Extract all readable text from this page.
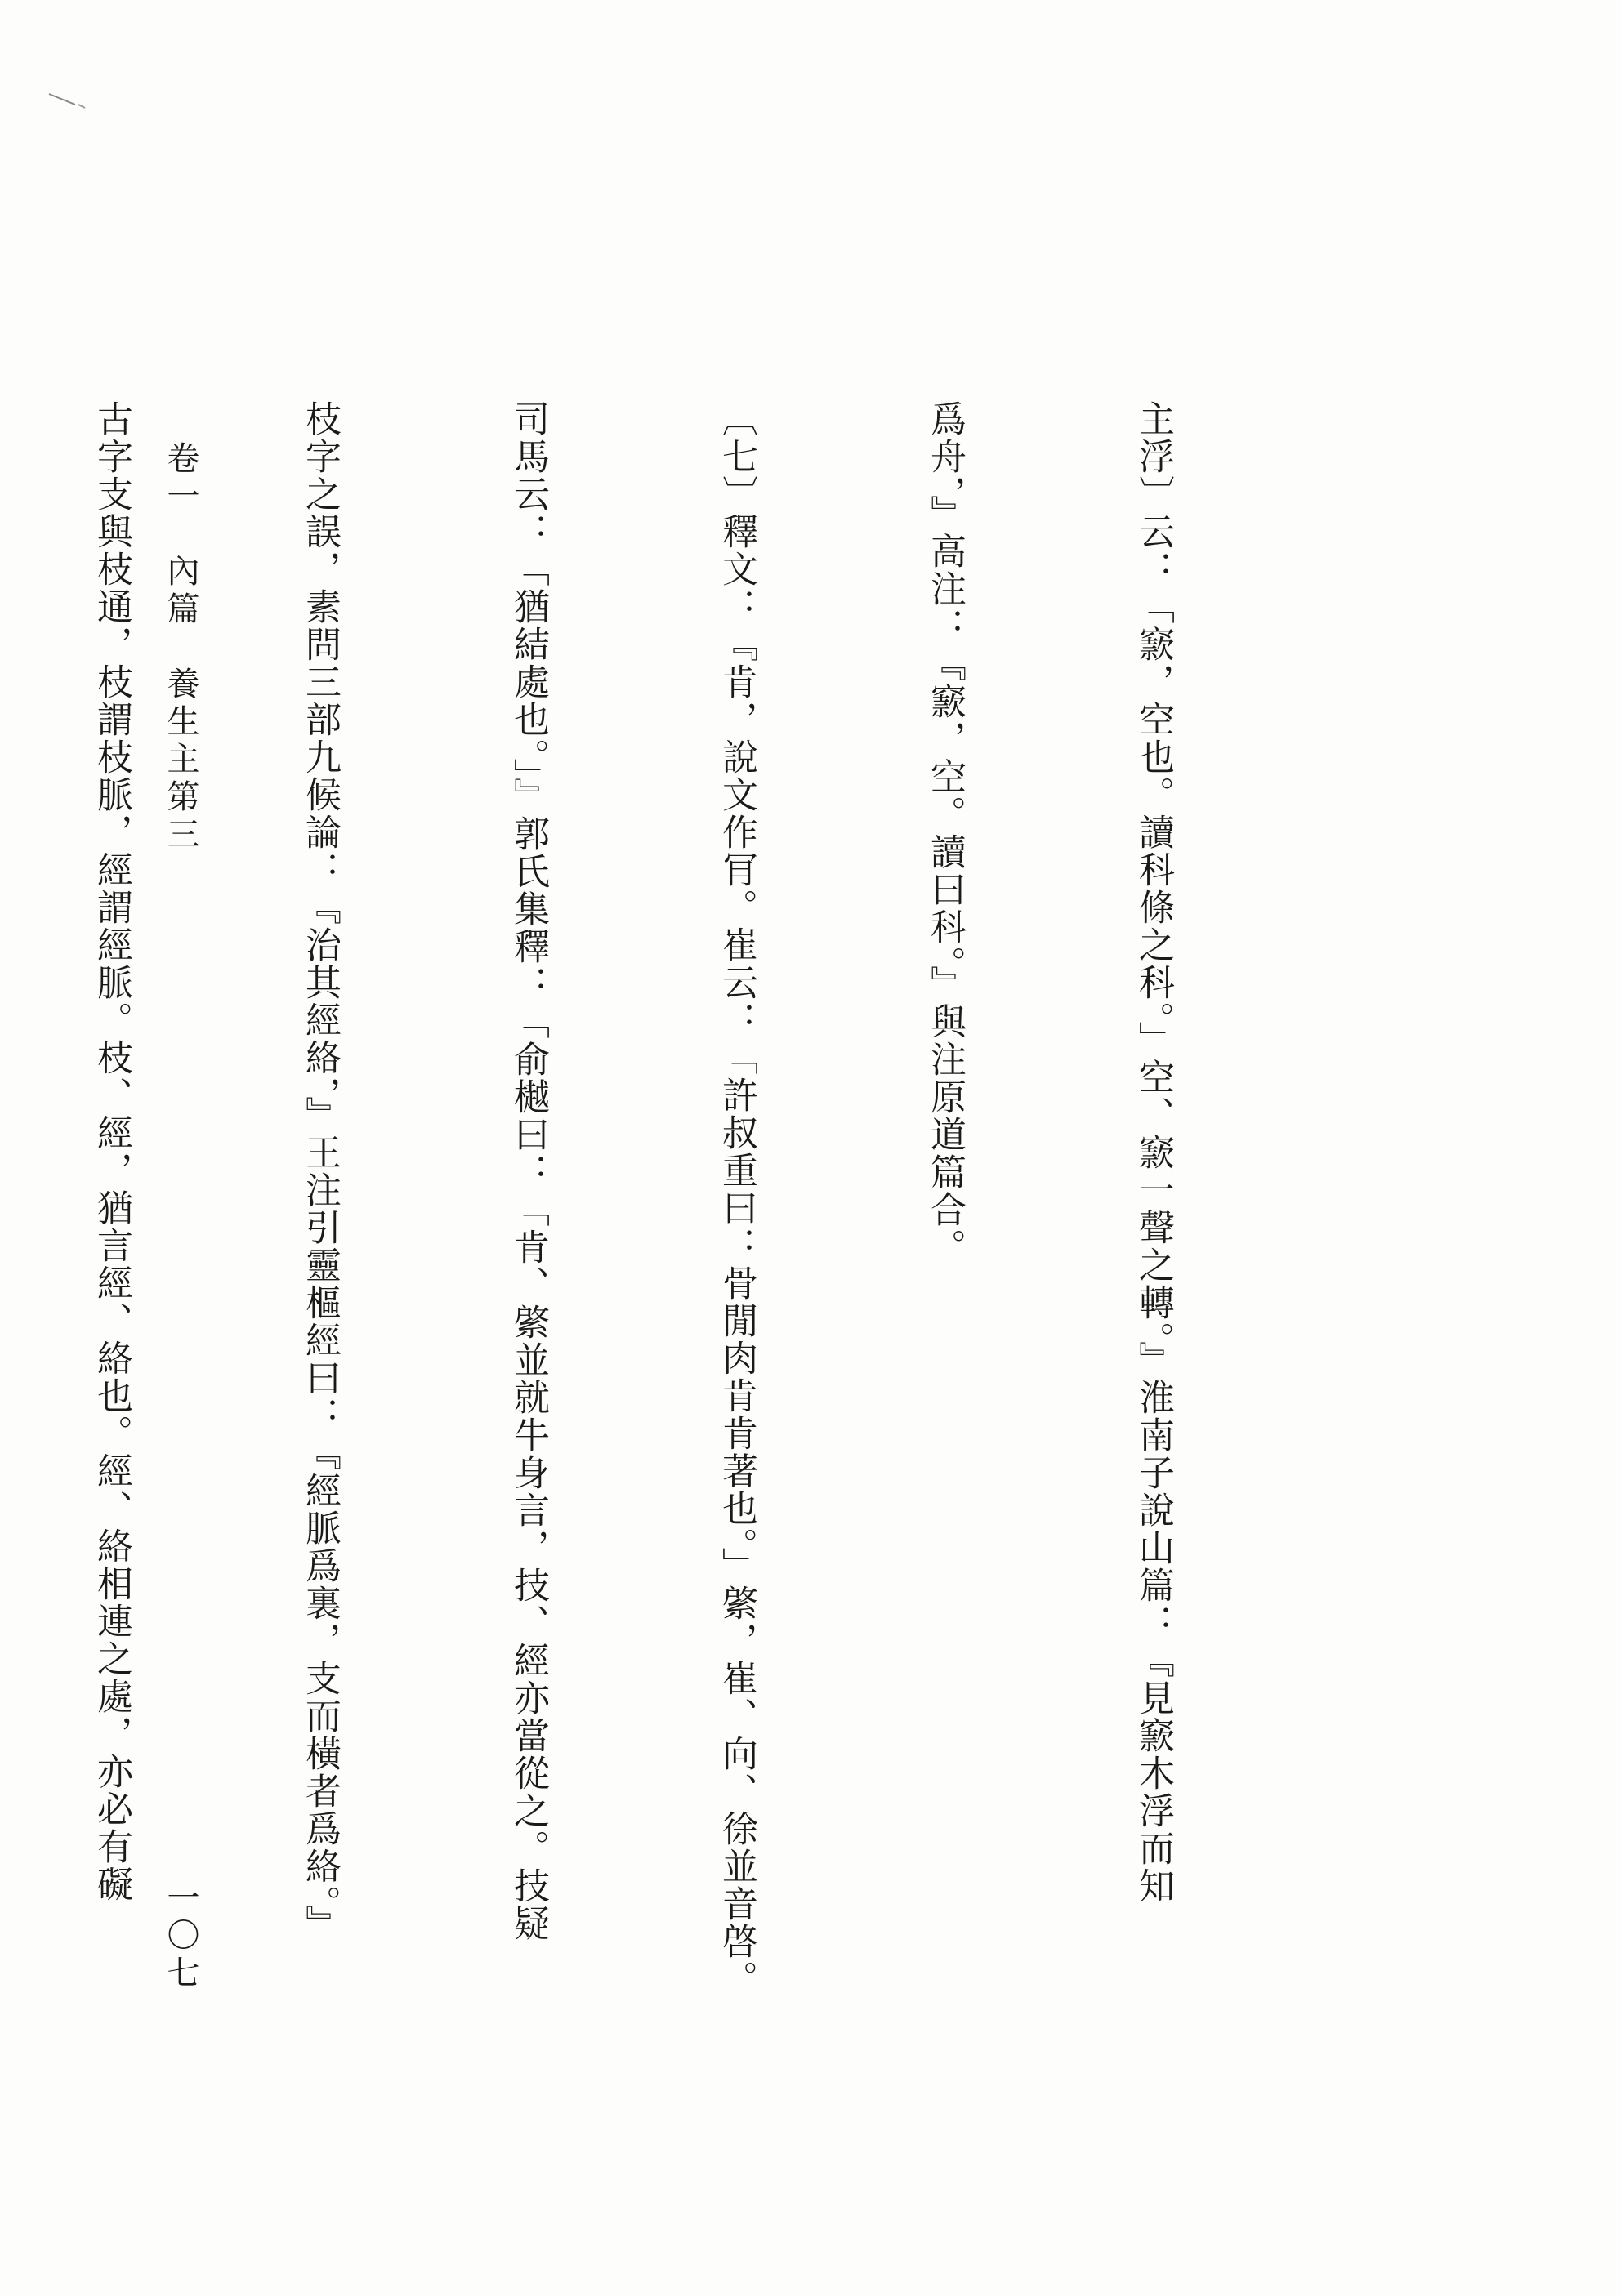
主浮〕云：「窾，空也。讀科條之科。」空、窾一聲之轉。』淮南子說山篇：『見窾木浮而知

爲舟，』高注：『窾，空。讀曰科。』與注原道篇合。

〔七〕釋文：『肯，說文作肎。崔云：「許叔重曰：骨閒肉肯肯著也。」綮，崔、向、徐並音啓。

司馬云：「猶結處也。」』郭氏集釋：「俞樾曰：「肯、綮並就牛身言，技、經亦當從之。技疑

枝字之誤，素問三部九候論：『治其經絡，』王注引靈樞經曰：『經脈爲裏，支而橫者爲絡。』

古字支與枝通，枝謂枝脈，經謂經脈。枝、經，猶言經、絡也。經、絡相連之處，亦必有礙

卷一　內篇　養生主第三
一〇七
